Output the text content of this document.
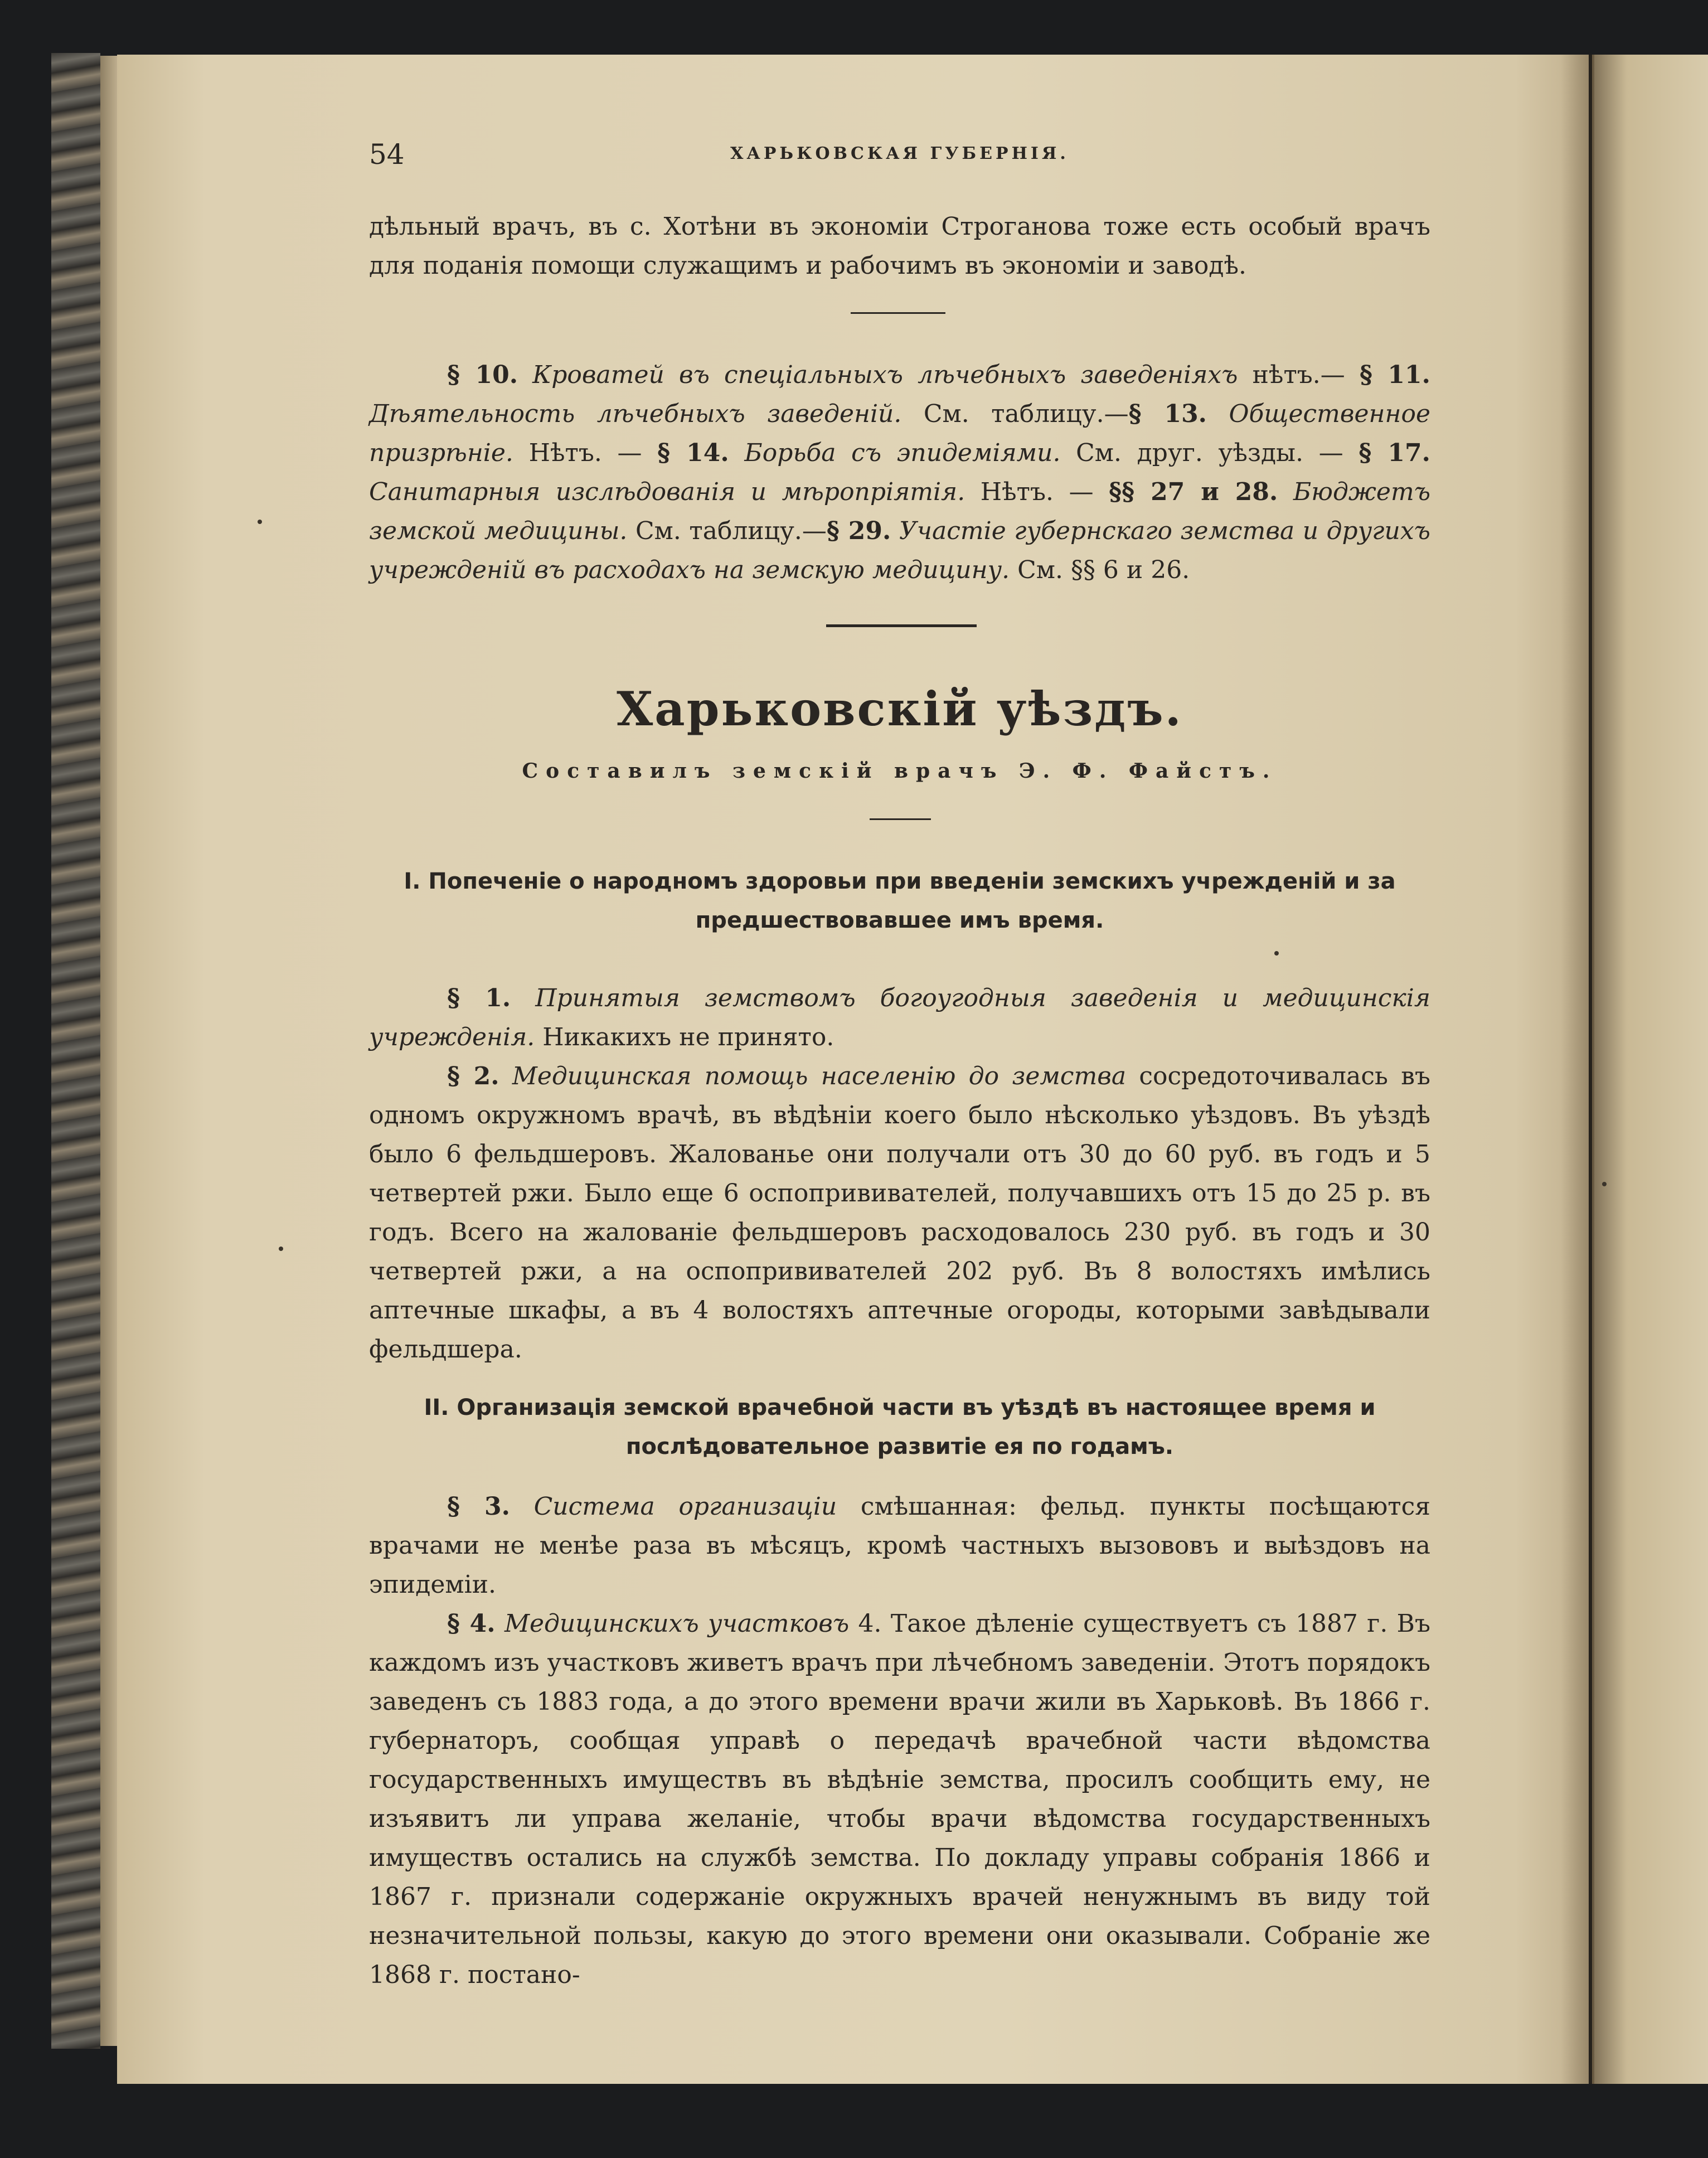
54	ХАРЬКОВСКАЯ ГУБЕРНІЯ.

дѣльный врачъ, въ с. Хотѣни въ экономіи Строганова тоже есть особый врачъ для поданія помощи служащимъ и рабочимъ въ экономіи и заводѣ.

§ 10. Кроватей въ спеціальныхъ лѣчебныхъ заведеніяхъ нѣтъ.— § 11. Дѣятельность лѣчебныхъ заведеній. См. таблицу.—§ 13. Общественное призрѣніе. Нѣтъ. — § 14. Борьба съ эпидеміями. См. друг. уѣзды. — § 17. Санитарныя изслѣдованія и мѣропріятія. Нѣтъ. — §§ 27 и 28. Бюджетъ земской медицины. См. таблицу.—§ 29. Участіе губернскаго земства и другихъ учрежденій въ расходахъ на земскую медицину. См. §§ 6 и 26.

Харьковскій уѣздъ.
Составилъ земскій врачъ Э. Ф. Файстъ.
I. Попеченіе о народномъ здоровьи при введеніи земскихъ учрежденій и за
предшествовавшее имъ время.

§ 1. Принятыя земствомъ богоугодныя заведенія и медицинскія учрежденія. Никакихъ не принято.

§ 2. Медицинская помощь населенію до земства сосредоточивалась въ одномъ окружномъ врачѣ, въ вѣдѣніи коего было нѣсколько уѣздовъ. Въ уѣздѣ было 6 фельдшеровъ. Жалованье они получали отъ 30 до 60 руб. въ годъ и 5 четвертей ржи. Было еще 6 оспопрививателей, получавшихъ отъ 15 до 25 р. въ годъ. Всего на жалованіе фельдшеровъ расходовалось 230 руб. въ годъ и 30 четвертей ржи, а на оспопрививателей 202 руб. Въ 8 волостяхъ имѣлись аптечные шкафы, а въ 4 волостяхъ аптечные огороды, которыми завѣдывали фельдшера.

II. Организація земской врачебной части въ уѣздѣ въ настоящее время и
послѣдовательное развитіе ея по годамъ.

§ 3. Система организаціи смѣшанная: фельд. пункты посѣщаются врачами не менѣе раза въ мѣсяцъ, кромѣ частныхъ вызововъ и выѣздовъ на эпидеміи.

§ 4. Медицинскихъ участковъ 4. Такое дѣленіе существуетъ съ 1887 г. Въ каждомъ изъ участковъ живетъ врачъ при лѣчебномъ заведеніи. Этотъ порядокъ заведенъ съ 1883 года, а до этого времени врачи жили въ Харьковѣ. Въ 1866 г. губернаторъ, сообщая управѣ о передачѣ врачебной части вѣдомства государственныхъ имуществъ въ вѣдѣніе земства, просилъ сообщить ему, не изъявитъ ли управа желаніе, чтобы врачи вѣдомства государственныхъ имуществъ остались на службѣ земства. По докладу управы собранія 1866 и 1867 г. признали содержаніе окружныхъ врачей ненужнымъ въ виду той незначительной пользы, какую до этого времени они оказывали. Собраніе же 1868 г. постано-
